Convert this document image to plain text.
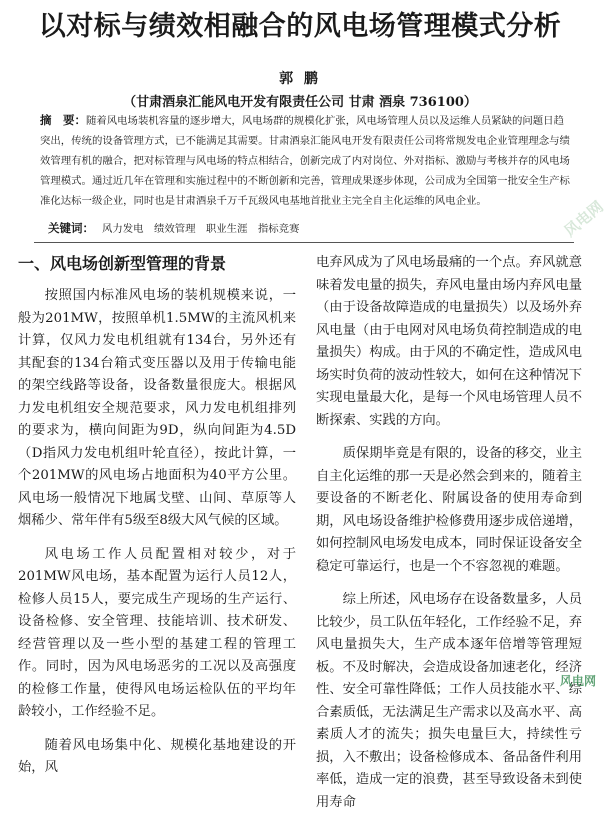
以对标与绩效相融合的风电场管理模式分析
郭 鹏
（甘肃酒泉汇能风电开发有限责任公司 甘肃 酒泉 736100）

摘　要：随着风电场装机容量的逐步增大，风电场群的规模化扩张，风电场管理人员以及运维人员紧缺的问题日趋突出，传统的设备管理方式，已不能满足其需要。甘肃酒泉汇能风电开发有限责任公司将常规发电企业管理理念与绩效管理有机的融合，把对标管理与风电场的特点相结合，创新完成了内对岗位、外对指标、激励与考核并存的风电场管理模式。通过近几年在管理和实施过程中的不断创新和完善，管理成果逐步体现，公司成为全国第一批安全生产标准化达标一级企业，同时也是甘肃酒泉千万千瓦级风电基地首批业主完全自主化运维的风电企业。

关键词： 风力发电　绩效管理　职业生涯　指标竞赛

一、风电场创新型管理的背景

按照国内标准风电场的装机规模来说，一般为201MW，按照单机1.5MW的主流风机来计算，仅风力发电机组就有134台，另外还有其配套的134台箱式变压器以及用于传输电能的架空线路等设备，设备数量很庞大。根据风力发电机组安全规范要求，风力发电机组排列的要求为，横向间距为9D，纵向间距为4.5D（D指风力发电机组叶轮直径），按此计算，一个201MW的风电场占地面积为40平方公里。风电场一般情况下地属戈壁、山间、草原等人烟稀少、常年伴有5级至8级大风气候的区域。

风电场工作人员配置相对较少，对于201MW风电场，基本配置为运行人员12人，检修人员15人，要完成生产现场的生产运行、设备检修、安全管理、技能培训、技术研发、经营管理以及一些小型的基建工程的管理工作。同时，因为风电场恶劣的工况以及高强度的检修工作量，使得风电场运检队伍的平均年龄较小，工作经验不足。

随着风电场集中化、规模化基地建设的开始，风

电弃风成为了风电场最痛的一个点。弃风就意味着发电量的损失，弃风电量由场内弃风电量（由于设备故障造成的电量损失）以及场外弃风电量（由于电网对风电场负荷控制造成的电量损失）构成。由于风的不确定性，造成风电场实时负荷的波动性较大，如何在这种情况下实现电量最大化，是每一个风电场管理人员不断探索、实践的方向。

质保期毕竟是有限的，设备的移交，业主自主化运维的那一天是必然会到来的，随着主要设备的不断老化、附属设备的使用寿命到期，风电场设备维护检修费用逐步成倍递增，如何控制风电场发电成本，同时保证设备安全稳定可靠运行，也是一个不容忽视的难题。

综上所述，风电场存在设备数量多，人员比较少，员工队伍年轻化，工作经验不足，弃风电量损失大，生产成本逐年倍增等管理短板。不及时解决，会造成设备加速老化，经济性、安全可靠性降低；工作人员技能水平、综合素质低，无法满足生产需求以及高水平、高素质人才的流失；损失电量巨大，持续性亏损，入不敷出；设备检修成本、备品备件利用率低，造成一定的浪费，甚至导致设备未到使用寿命

风电网
风电网
